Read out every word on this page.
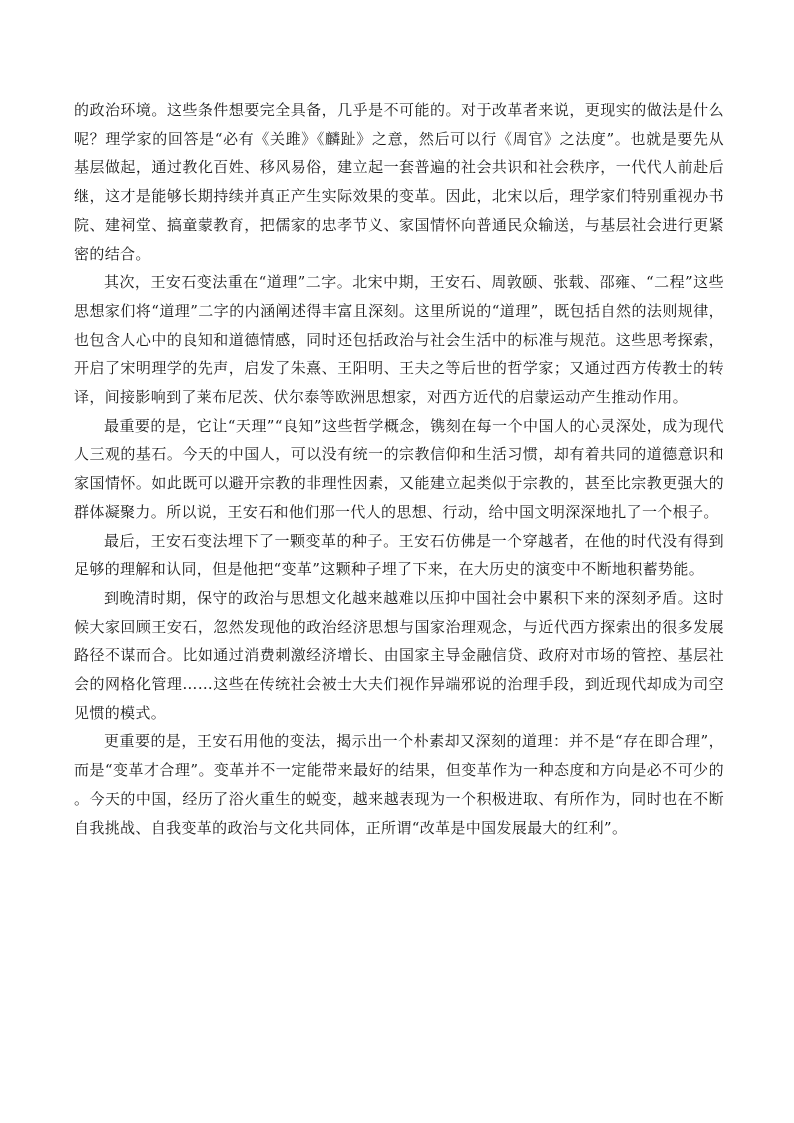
的政治环境。这些条件想要完全具备，几乎是不可能的。对于改革者来说，更现实的做法是什么呢？理学家的回答是“必有《关雎》《麟趾》之意，然后可以行《周官》之法度”。也就是要先从基层做起，通过教化百姓、移风易俗，建立起一套普遍的社会共识和社会秩序，一代代人前赴后继，这才是能够长期持续并真正产生实际效果的变革。因此，北宋以后，理学家们特别重视办书院、建祠堂、搞童蒙教育，把儒家的忠孝节义、家国情怀向普通民众输送，与基层社会进行更紧密的结合。

其次，王安石变法重在“道理”二字。北宋中期，王安石、周敦颐、张载、邵雍、“二程”这些思想家们将“道理”二字的内涵阐述得丰富且深刻。这里所说的“道理”，既包括自然的法则规律，也包含人心中的良知和道德情感，同时还包括政治与社会生活中的标准与规范。这些思考探索，开启了宋明理学的先声，启发了朱熹、王阳明、王夫之等后世的哲学家；又通过西方传教士的转译，间接影响到了莱布尼茨、伏尔泰等欧洲思想家，对西方近代的启蒙运动产生推动作用。

最重要的是，它让“天理”“良知”这些哲学概念，镌刻在每一个中国人的心灵深处，成为现代人三观的基石。今天的中国人，可以没有统一的宗教信仰和生活习惯，却有着共同的道德意识和家国情怀。如此既可以避开宗教的非理性因素，又能建立起类似于宗教的，甚至比宗教更强大的群体凝聚力。所以说，王安石和他们那一代人的思想、行动，给中国文明深深地扎了一个根子。

最后，王安石变法埋下了一颗变革的种子。王安石仿佛是一个穿越者，在他的时代没有得到足够的理解和认同，但是他把“变革”这颗种子埋了下来，在大历史的演变中不断地积蓄势能。

到晚清时期，保守的政治与思想文化越来越难以压抑中国社会中累积下来的深刻矛盾。这时候大家回顾王安石，忽然发现他的政治经济思想与国家治理观念，与近代西方探索出的很多发展路径不谋而合。比如通过消费刺激经济增长、由国家主导金融信贷、政府对市场的管控、基层社会的网格化管理……这些在传统社会被士大夫们视作异端邪说的治理手段，到近现代却成为司空见惯的模式。

更重要的是，王安石用他的变法，揭示出一个朴素却又深刻的道理：并不是“存在即合理”，而是“变革才合理”。变革并不一定能带来最好的结果，但变革作为一种态度和方向是必不可少的。今天的中国，经历了浴火重生的蜕变，越来越表现为一个积极进取、有所作为，同时也在不断自我挑战、自我变革的政治与文化共同体，正所谓“改革是中国发展最大的红利”。
